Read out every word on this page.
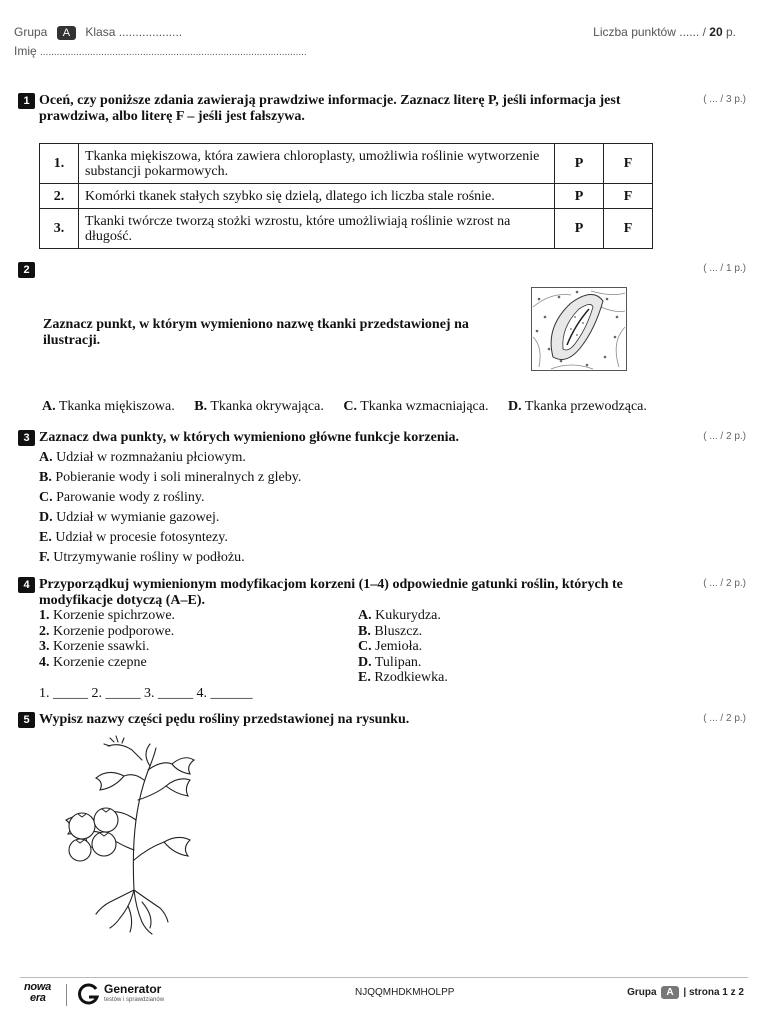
Grupa A Klasa ...................	Liczba punktów ...... / 20 p.
Imię ................................................................................................
1 Oceń, czy poniższe zdania zawierają prawdziwe informacje. Zaznacz literę P, jeśli informacja jest prawdziwa, albo literę F – jeśli jest fałszywa.
( ... / 3 p.)
1.	Tkanka miękiszowa, która zawiera chloroplasty, umożliwia roślinie wytworzenie substancji pokarmowych.	P	F
2.	Komórki tkanek stałych szybko się dzielą, dlatego ich liczba stale rośnie.	P	F
3.	Tkanki twórcze tworzą stożki wzrostu, które umożliwiają roślinie wzrost na długość.	P	F
2	( ... / 1 p.)
Zaznacz punkt, w którym wymieniono nazwę tkanki przedstawionej na ilustracji.
A. Tkanka miękiszowa. B. Tkanka okrywająca. C. Tkanka wzmacniająca. D. Tkanka przewodząca.
3 Zaznacz dwa punkty, w których wymieniono główne funkcje korzenia.	( ... / 2 p.)
A. Udział w rozmnażaniu płciowym.
B. Pobieranie wody i soli mineralnych z gleby.
C. Parowanie wody z rośliny.
D. Udział w wymianie gazowej.
E. Udział w procesie fotosyntezy.
F. Utrzymywanie rośliny w podłożu.
4 Przyporządkuj wymienionym modyfikacjom korzeni (1–4) odpowiednie gatunki roślin, których te modyfikacje dotyczą (A–E).
( ... / 2 p.)
1. Korzenie spichrzowe.
2. Korzenie podporowe.
3. Korzenie ssawki.
4. Korzenie czepne
A. Kukurydza.
B. Bluszcz.
C. Jemioła.
D. Tulipan.
E. Rzodkiewka.
1. _____ 2. _____ 3. _____ 4. ______
5 Wypisz nazwy części pędu rośliny przedstawionej na rysunku.	( ... / 2 p.)
nowa
era
Generator
testów i sprawdzianów
NJQQMHDKMHOLPP	Grupa A | strona 1 z 2
